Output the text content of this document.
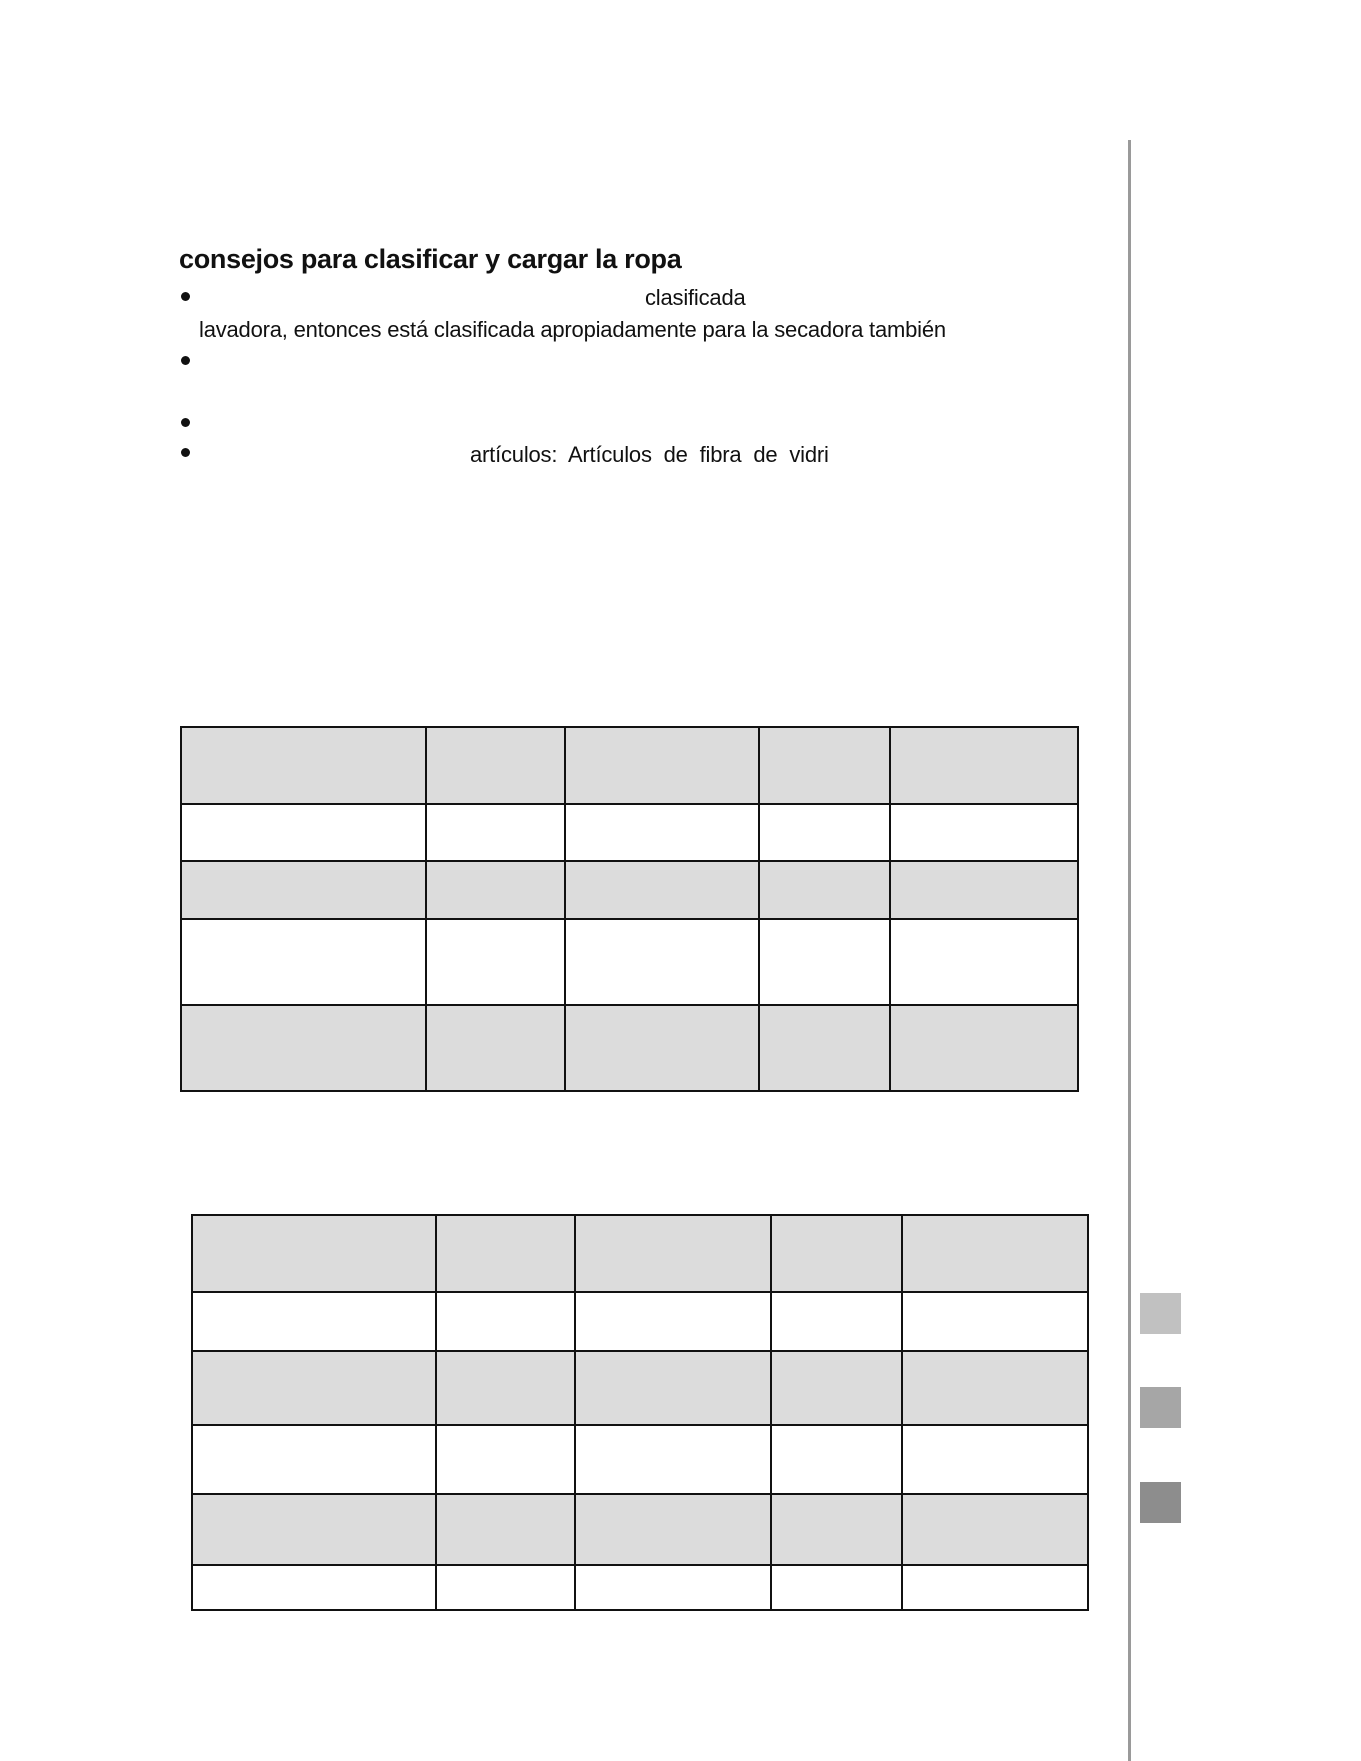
consejos para clasificar y cargar la ropa
clasificada
lavadora, entonces está clasificada apropiadamente para la secadora también
artículos: Artículos de fibra de vidri
